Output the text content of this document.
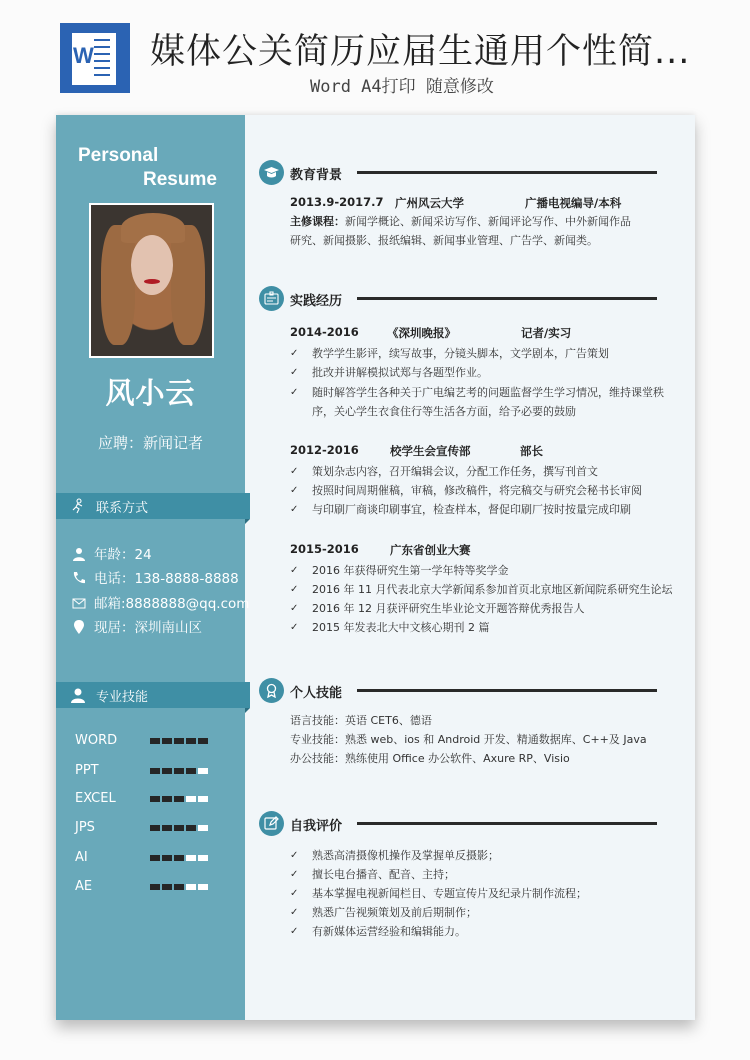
W 媒体公关简历应届生通用个性简...
Word A4打印 随意修改
Personal
Resume
风小云
应聘：新闻记者
联系方式
年龄：24
电话：138-8888-8888
邮箱:8888888@qq.com
现居：深圳南山区
专业技能
WORD
PPT
EXCEL
JPS
AI
AE
教育背景
2013.9-2017.7 广州风云大学	广播电视编导/本科
主修课程：新闻学概论、新闻采访写作、新闻评论写作、中外新闻作品
研究、新闻摄影、报纸编辑、新闻事业管理、广告学、新闻类。
实践经历
2014-2016 《深圳晚报》	记者/实习
✓ 教学学生影评，续写故事，分镜头脚本，文学剧本，广告策划
✓ 批改并讲解模拟试郑与各题型作业。
✓ 随时解答学生各种关于广电编艺考的问题监督学生学习情况，维持课堂秩
序，关心学生衣食住行等生活各方面，给予必要的鼓励
2012-2016	校学生会宣传部	部长
✓ 策划杂志内容，召开编辑会议，分配工作任务，撰写刊首文
✓ 按照时间周期催稿，审稿，修改稿件，将完稿交与研究会秘书长审阅
✓ 与印刷厂商谈印刷事宜，检查样本，督促印刷厂按时按量完成印刷
2015-2016	广东省创业大赛
✓ 2016 年获得研究生第一学年特等奖学金
✓ 2016 年 11 月代表北京大学新闻系参加首页北京地区新闻院系研究生论坛
✓ 2016 年 12 月获评研究生毕业论文开题答辩优秀报告人
✓ 2015 年发表北大中文核心期刊 2 篇
个人技能
语言技能：英语 CET6、德语
专业技能：熟悉 web、ios 和 Android 开发、精通数据库、C++及 Java
办公技能：熟练使用 Office 办公软件、Axure RP、Visio
自我评价
✓ 熟悉高清摄像机操作及掌握单反摄影；
✓ 擅长电台播音、配音、主持；
✓ 基本掌握电视新闻栏目、专题宣传片及纪录片制作流程；
✓ 熟悉广告视频策划及前后期制作；
✓ 有新媒体运营经验和编辑能力。
